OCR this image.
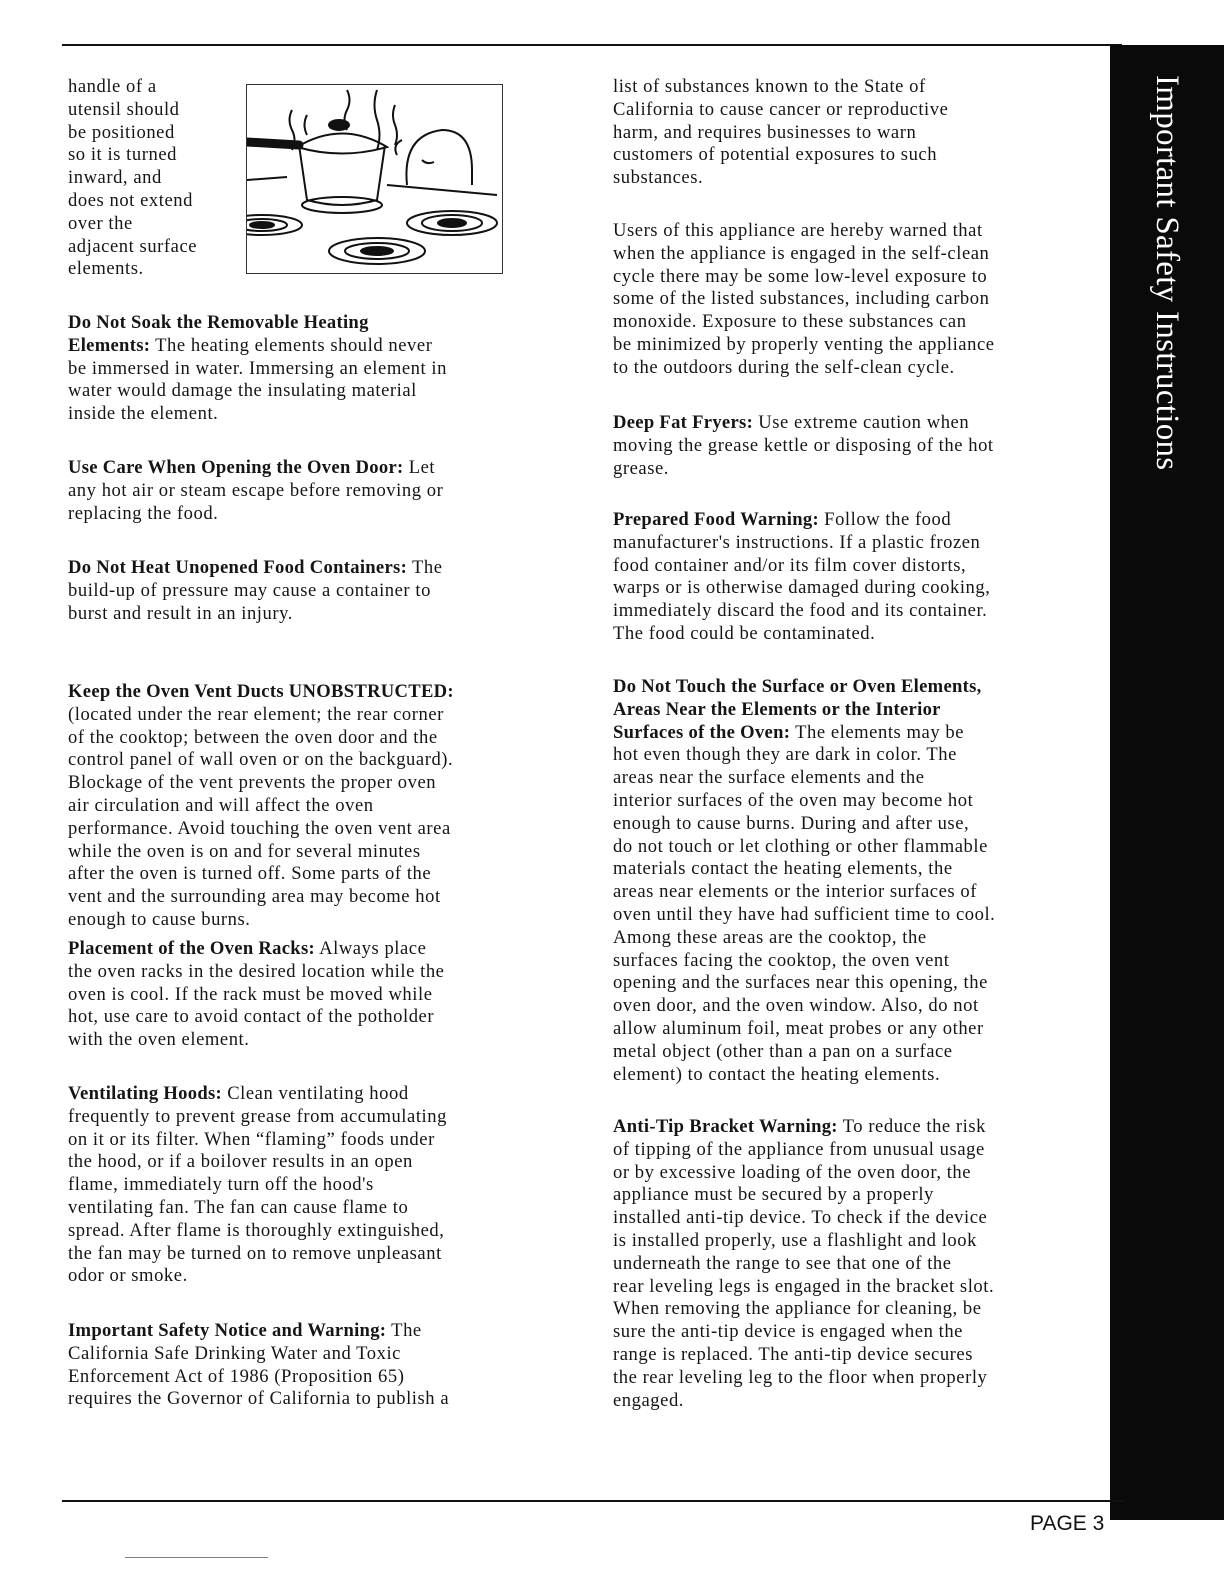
Important Safety Instructions
handle of a
utensil should
be positioned
so it is turned
inward, and
does not extend
over the
adjacent surface
elements.
Do Not Soak the Removable Heating
Elements: The heating elements should never
be immersed in water. Immersing an element in
water would damage the insulating material
inside the element.
Use Care When Opening the Oven Door: Let
any hot air or steam escape before removing or
replacing the food.
Do Not Heat Unopened Food Containers: The
build-up of pressure may cause a container to
burst and result in an injury.
Keep the Oven Vent Ducts UNOBSTRUCTED:
(located under the rear element; the rear corner
of the cooktop; between the oven door and the
control panel of wall oven or on the backguard).
Blockage of the vent prevents the proper oven
air circulation and will affect the oven
performance. Avoid touching the oven vent area
while the oven is on and for several minutes
after the oven is turned off. Some parts of the
vent and the surrounding area may become hot
enough to cause burns.
Placement of the Oven Racks: Always place
the oven racks in the desired location while the
oven is cool. If the rack must be moved while
hot, use care to avoid contact of the potholder
with the oven element.
Ventilating Hoods: Clean ventilating hood
frequently to prevent grease from accumulating
on it or its filter. When “flaming” foods under
the hood, or if a boilover results in an open
flame, immediately turn off the hood's
ventilating fan. The fan can cause flame to
spread. After flame is thoroughly extinguished,
the fan may be turned on to remove unpleasant
odor or smoke.
Important Safety Notice and Warning: The
California Safe Drinking Water and Toxic
Enforcement Act of 1986 (Proposition 65)
requires the Governor of California to publish a
list of substances known to the State of
California to cause cancer or reproductive
harm, and requires businesses to warn
customers of potential exposures to such
substances.
Users of this appliance are hereby warned that
when the appliance is engaged in the self-clean
cycle there may be some low-level exposure to
some of the listed substances, including carbon
monoxide. Exposure to these substances can
be minimized by properly venting the appliance
to the outdoors during the self-clean cycle.
Deep Fat Fryers: Use extreme caution when
moving the grease kettle or disposing of the hot
grease.
Prepared Food Warning: Follow the food
manufacturer's instructions. If a plastic frozen
food container and/or its film cover distorts,
warps or is otherwise damaged during cooking,
immediately discard the food and its container.
The food could be contaminated.
Do Not Touch the Surface or Oven Elements,
Areas Near the Elements or the Interior
Surfaces of the Oven: The elements may be
hot even though they are dark in color. The
areas near the surface elements and the
interior surfaces of the oven may become hot
enough to cause burns. During and after use,
do not touch or let clothing or other flammable
materials contact the heating elements, the
areas near elements or the interior surfaces of
oven until they have had sufficient time to cool.
Among these areas are the cooktop, the
surfaces facing the cooktop, the oven vent
opening and the surfaces near this opening, the
oven door, and the oven window. Also, do not
allow aluminum foil, meat probes or any other
metal object (other than a pan on a surface
element) to contact the heating elements.
Anti-Tip Bracket Warning: To reduce the risk
of tipping of the appliance from unusual usage
or by excessive loading of the oven door, the
appliance must be secured by a properly
installed anti-tip device. To check if the device
is installed properly, use a flashlight and look
underneath the range to see that one of the
rear leveling legs is engaged in the bracket slot.
When removing the appliance for cleaning, be
sure the anti-tip device is engaged when the
range is replaced. The anti-tip device secures
the rear leveling leg to the floor when properly
engaged.
PAGE 3
